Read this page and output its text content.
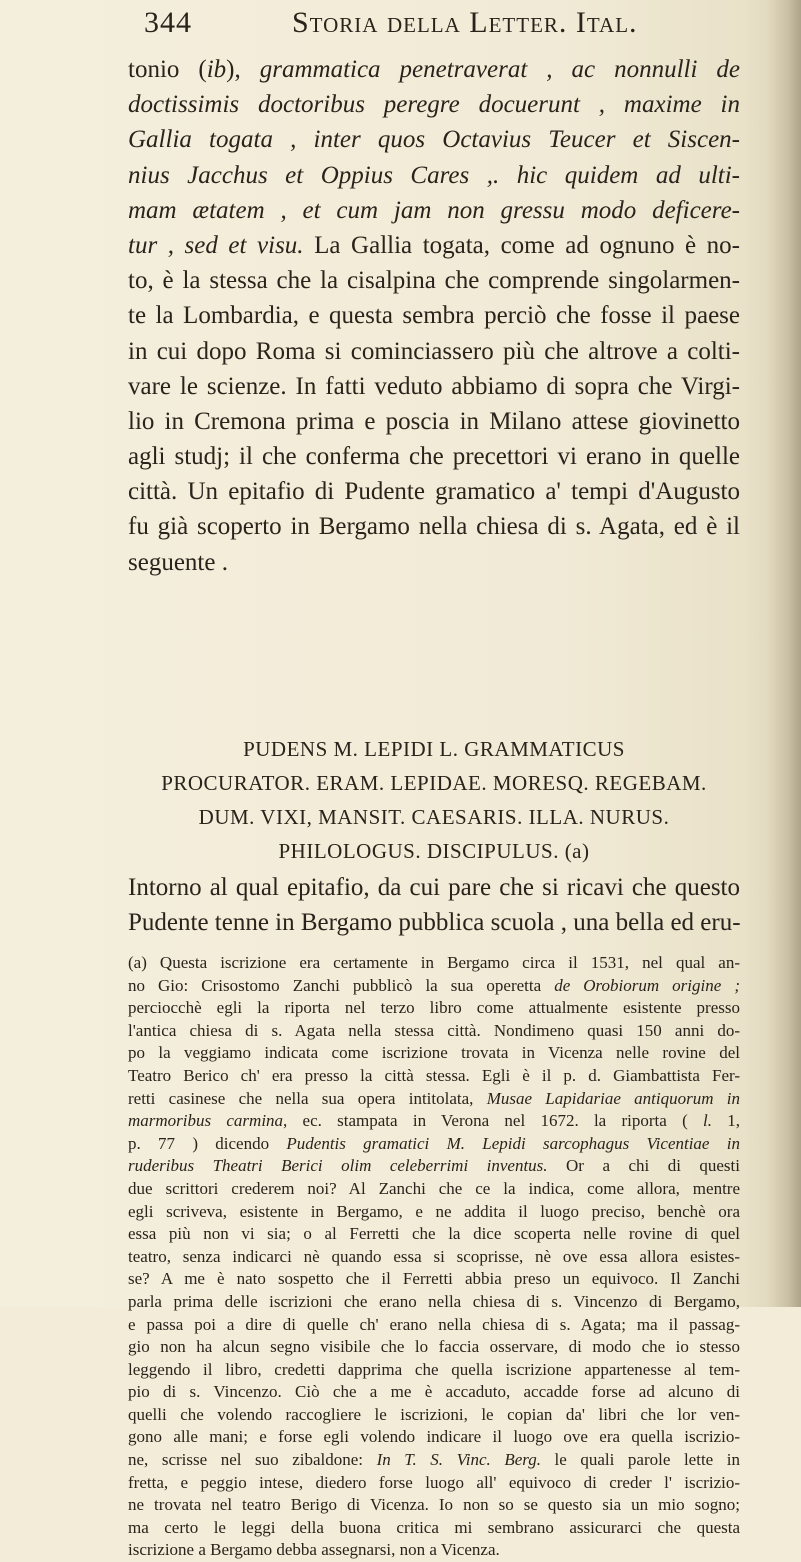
344	Storia della Letter. Ital.
tonio (ib), grammatica penetraverat , ac nonnulli de
doctissimis doctoribus peregre docuerunt , maxime in
Gallia togata , inter quos Octavius Teucer et Siscen-
nius Jacchus et Oppius Cares ,. hic quidem ad ulti-
mam ætatem , et cum jam non gressu modo deficere-
tur , sed et visu. La Gallia togata, come ad ognuno è no-
to, è la stessa che la cisalpina che comprende singolarmen-
te la Lombardia, e questa sembra perciò che fosse il paese
in cui dopo Roma si cominciassero più che altrove a colti-
vare le scienze. In fatti veduto abbiamo di sopra che Virgi-
lio in Cremona prima e poscia in Milano attese giovinetto
agli studj; il che conferma che precettori vi erano in quelle
città. Un epitafio di Pudente gramatico a' tempi d'Augusto
fu già scoperto in Bergamo nella chiesa di s. Agata, ed è il
seguente .
PUDENS M. LEPIDI L. GRAMMATICUS
PROCURATOR. ERAM. LEPIDAE. MORESQ. REGEBAM.
DUM. VIXI, MANSIT. CAESARIS. ILLA. NURUS.
PHILOLOGUS. DISCIPULUS. (a)
Intorno al qual epitafio, da cui pare che si ricavi che questo
Pudente tenne in Bergamo pubblica scuola , una bella ed eru-
(a) Questa iscrizione era certamente in Bergamo circa il 1531, nel qual an-
no Gio: Crisostomo Zanchi pubblicò la sua operetta de Orobiorum origine ;
perciocchè egli la riporta nel terzo libro come attualmente esistente presso
l'antica chiesa di s. Agata nella stessa città. Nondimeno quasi 150 anni do-
po la veggiamo indicata come iscrizione trovata in Vicenza nelle rovine del
Teatro Berico ch' era presso la città stessa. Egli è il p. d. Giambattista Fer-
retti casinese che nella sua opera intitolata, Musae Lapidariae antiquorum in
marmoribus carmina, ec. stampata in Verona nel 1672. la riporta ( l. 1,
p. 77 ) dicendo Pudentis gramatici M. Lepidi sarcophagus Vicentiae in
ruderibus Theatri Berici olim celeberrimi inventus. Or a chi di questi
due scrittori crederem noi? Al Zanchi che ce la indica, come allora, mentre
egli scriveva, esistente in Bergamo, e ne addita il luogo preciso, benchè ora
essa più non vi sia; o al Ferretti che la dice scoperta nelle rovine di quel
teatro, senza indicarci nè quando essa si scoprisse, nè ove essa allora esistes-
se? A me è nato sospetto che il Ferretti abbia preso un equivoco. Il Zanchi
parla prima delle iscrizioni che erano nella chiesa di s. Vincenzo di Bergamo,
e passa poi a dire di quelle ch' erano nella chiesa di s. Agata; ma il passag-
gio non ha alcun segno visibile che lo faccia osservare, di modo che io stesso
leggendo il libro, credetti dapprima che quella iscrizione appartenesse al tem-
pio di s. Vincenzo. Ciò che a me è accaduto, accadde forse ad alcuno di
quelli che volendo raccogliere le iscrizioni, le copian da' libri che lor ven-
gono alle mani; e forse egli volendo indicare il luogo ove era quella iscrizio-
ne, scrisse nel suo zibaldone: In T. S. Vinc. Berg. le quali parole lette in
fretta, e peggio intese, diedero forse luogo all' equivoco di creder l' iscrizio-
ne trovata nel teatro Berigo di Vicenza. Io non so se questo sia un mio sogno;
ma certo le leggi della buona critica mi sembrano assicurarci che questa
iscrizione a Bergamo debba assegnarsi, non a Vicenza.
